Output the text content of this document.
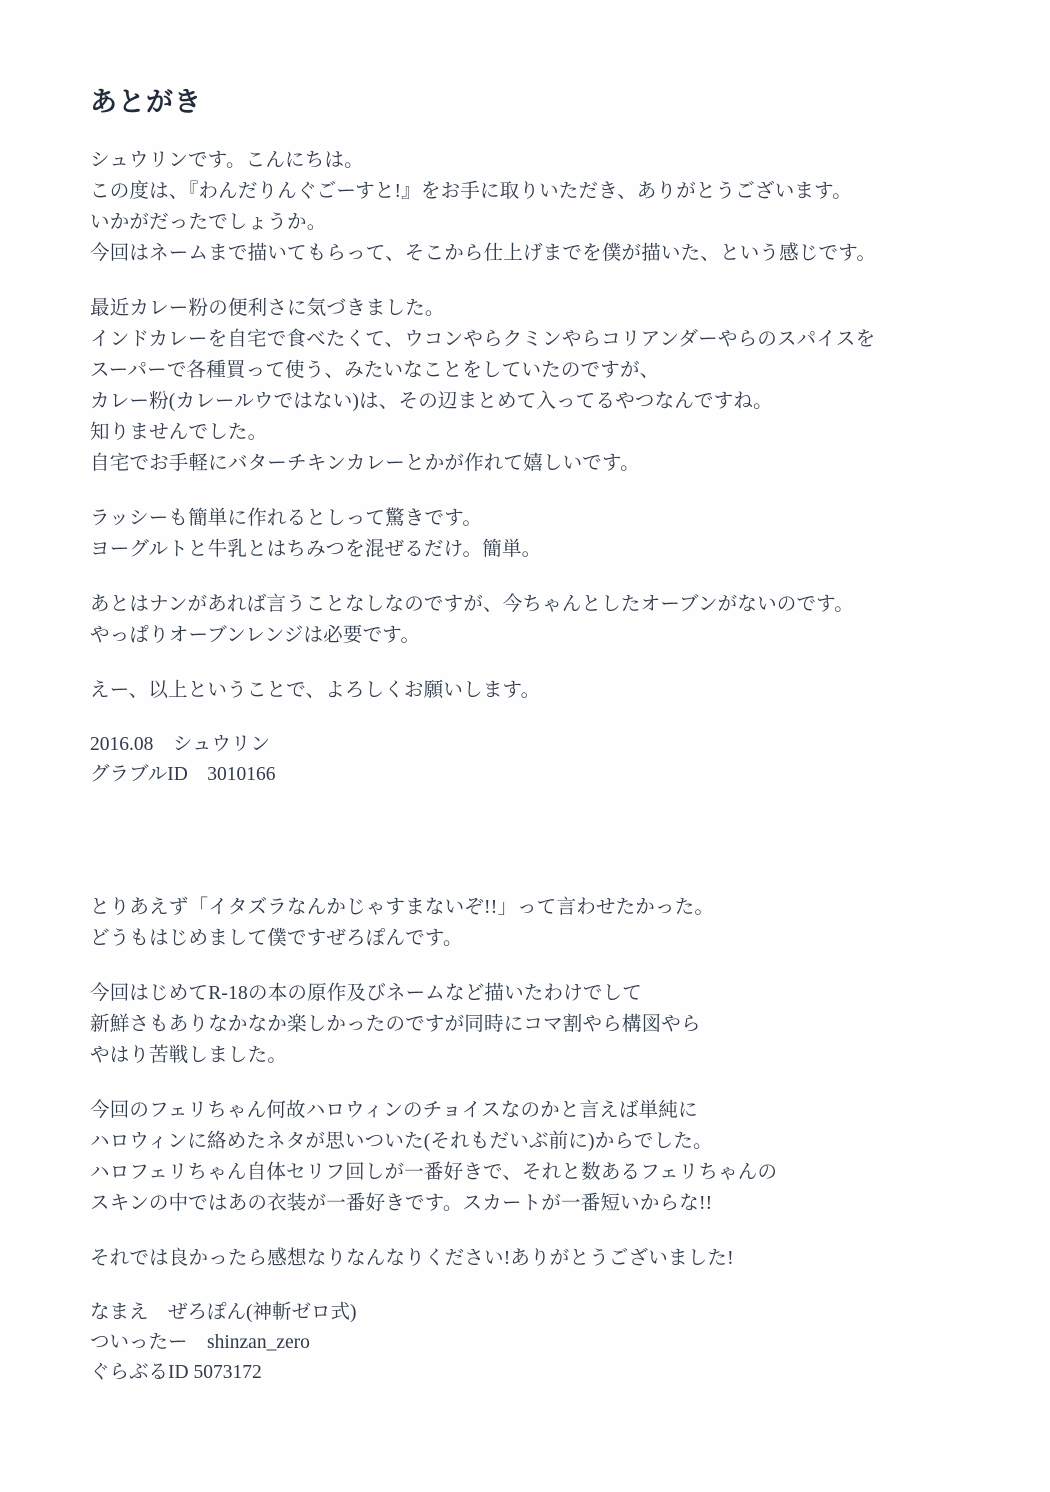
あとがき

シュウリンです。こんにちは。
この度は、『わんだりんぐごーすと!』をお手に取りいただき、ありがとうございます。
いかがだったでしょうか。
今回はネームまで描いてもらって、そこから仕上げまでを僕が描いた、という感じです。

最近カレー粉の便利さに気づきました。
インドカレーを自宅で食べたくて、ウコンやらクミンやらコリアンダーやらのスパイスを
スーパーで各種買って使う、みたいなことをしていたのですが、
カレー粉(カレールウではない)は、その辺まとめて入ってるやつなんですね。
知りませんでした。
自宅でお手軽にバターチキンカレーとかが作れて嬉しいです。

ラッシーも簡単に作れるとしって驚きです。
ヨーグルトと牛乳とはちみつを混ぜるだけ。簡単。

あとはナンがあれば言うことなしなのですが、今ちゃんとしたオーブンがないのです。
やっぱりオーブンレンジは必要です。

えー、以上ということで、よろしくお願いします。

2016.08　シュウリン
グラブルID　3010166

とりあえず「イタズラなんかじゃすまないぞ!!」って言わせたかった。
どうもはじめまして僕ですぜろぽんです。

今回はじめてR-18の本の原作及びネームなど描いたわけでして
新鮮さもありなかなか楽しかったのですが同時にコマ割やら構図やら
やはり苦戦しました。

今回のフェリちゃん何故ハロウィンのチョイスなのかと言えば単純に
ハロウィンに絡めたネタが思いついた(それもだいぶ前に)からでした。
ハロフェリちゃん自体セリフ回しが一番好きで、それと数あるフェリちゃんの
スキンの中ではあの衣装が一番好きです。スカートが一番短いからな!!

それでは良かったら感想なりなんなりください!ありがとうございました!

なまえ　ぜろぽん(神斬ゼロ式)
ついったー　shinzan_zero
ぐらぶるID 5073172
